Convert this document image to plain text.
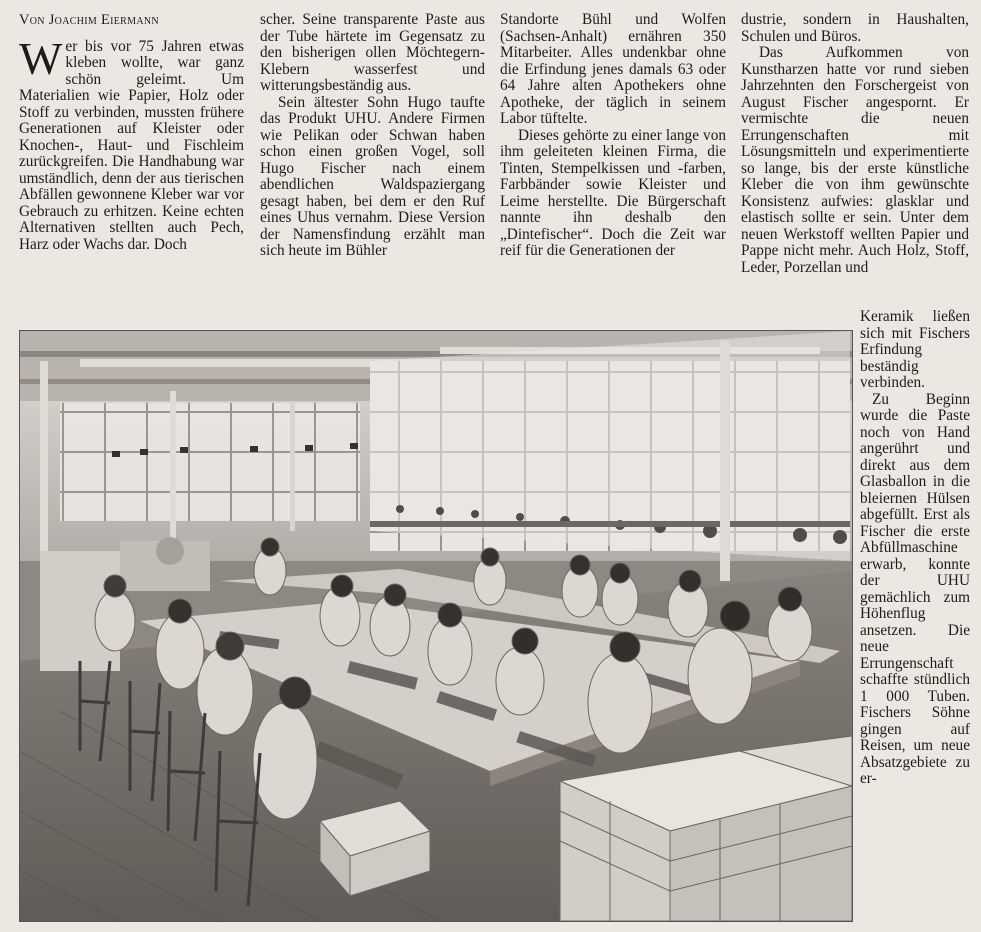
Von Joachim Eiermann

Wer bis vor 75 Jahren etwas kleben wollte, war ganz schön geleimt. Um Materialien wie Papier, Holz oder Stoff zu verbinden, mussten frühere Generationen auf Kleister oder Knochen-, Haut- und Fischleim zurückgreifen. Die Handhabung war umständlich, denn der aus tierischen Abfällen gewonnene Kleber war vor Gebrauch zu erhitzen. Keine echten Alternativen stellten auch Pech, Harz oder Wachs dar. Doch

scher. Seine transparente Paste aus der Tube härtete im Gegensatz zu den bisherigen ollen Möchtegern-Klebern wasserfest und witterungsbeständig aus.

Sein ältester Sohn Hugo taufte das Produkt UHU. Andere Firmen wie Pelikan oder Schwan haben schon einen großen Vogel, soll Hugo Fischer nach einem abendlichen Waldspaziergang gesagt haben, bei dem er den Ruf eines Uhus vernahm. Diese Version der Namensfindung erzählt man sich heute im Bühler

Standorte Bühl und Wolfen (Sachsen-Anhalt) ernähren 350 Mitarbeiter. Alles undenkbar ohne die Erfindung jenes damals 63 oder 64 Jahre alten Apothekers ohne Apotheke, der täglich in seinem Labor tüftelte.

Dieses gehörte zu einer lange von ihm geleiteten kleinen Firma, die Tinten, Stempelkissen und -farben, Farbbänder sowie Kleister und Leime herstellte. Die Bürgerschaft nannte ihn deshalb den „Dintefischer“. Doch die Zeit war reif für die Generationen der

dustrie, sondern in Haushalten, Schulen und Büros.

Das Aufkommen von Kunstharzen hatte vor rund sieben Jahrzehnten den Forschergeist von August Fischer angespornt. Er vermischte die neuen Errungenschaften mit Lösungsmitteln und experimentierte so lange, bis der erste künstliche Kleber die von ihm gewünschte Konsistenz aufwies: glasklar und elastisch sollte er sein. Unter dem neuen Werkstoff wellten Papier und Pappe nicht mehr. Auch Holz, Stoff, Leder, Porzellan und

Keramik ließen sich mit Fischers Erfindung beständig verbinden.

Zu Beginn wurde die Paste noch von Hand angerührt und direkt aus dem Glasballon in die bleiernen Hülsen abgefüllt. Erst als Fischer die erste Abfüllmaschine erwarb, konnte der UHU gemächlich zum Höhenflug ansetzen. Die neue Errungenschaft schaffte stündlich 1 000 Tuben. Fischers Söhne gingen auf Reisen, um neue Absatzgebiete zu er-
